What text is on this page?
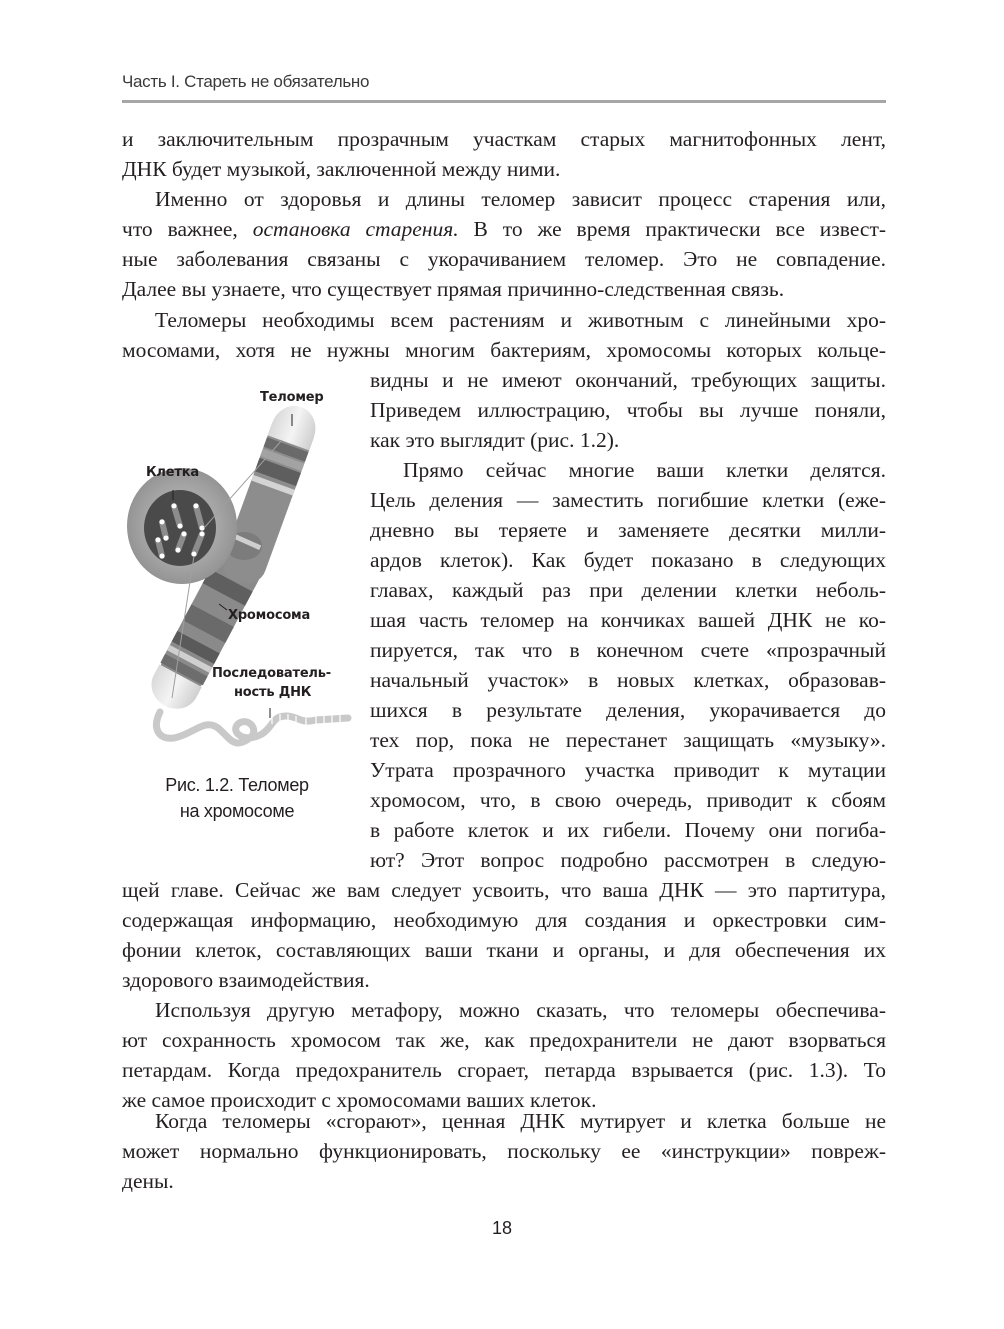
Часть I. Стареть не обязательно
и заключительным прозрачным участкам старых магнитофонных лент,
ДНК будет музыкой, заключенной между ними.
Именно от здоровья и длины теломер зависит процесс старения или,
что важнее, остановка старения. В то же время практически все извест-
ные заболевания связаны с укорачиванием теломер. Это не совпадение.
Далее вы узнаете, что существует прямая причинно-следственная связь.
Теломеры необходимы всем растениям и животным с линейными хро-
мосомами, хотя не нужны многим бактериям, хромосомы которых кольце-
видны и не имеют окончаний, требующих защиты.
Приведем иллюстрацию, чтобы вы лучше поняли,
как это выглядит (рис. 1.2).
Прямо сейчас многие ваши клетки делятся.
Цель деления — заместить погибшие клетки (еже-
дневно вы теряете и заменяете десятки милли-
ардов клеток). Как будет показано в следующих
главах, каждый раз при делении клетки неболь-
шая часть теломер на кончиках вашей ДНК не ко-
пируется, так что в конечном счете «прозрачный
начальный участок» в новых клетках, образовав-
шихся в результате деления, укорачивается до
тех пор, пока не перестанет защищать «музыку».
Утрата прозрачного участка приводит к мутации
хромосом, что, в свою очередь, приводит к сбоям
в работе клеток и их гибели. Почему они погиба-
ют? Этот вопрос подробно рассмотрен в следую-
щей главе. Сейчас же вам следует усвоить, что ваша ДНК — это партитура,
содержащая информацию, необходимую для создания и оркестровки сим-
фонии клеток, составляющих ваши ткани и органы, и для обеспечения их
здорового взаимодействия.
Используя другую метафору, можно сказать, что теломеры обеспечива-
ют сохранность хромосом так же, как предохранители не дают взорваться
петардам. Когда предохранитель сгорает, петарда взрывается (рис. 1.3). То
же самое происходит с хромосомами ваших клеток.
Когда теломеры «сгорают», ценная ДНК мутирует и клетка больше не
может нормально функционировать, поскольку ее «инструкции» повреж-
дены.
Теломер
Клетка
Хромосома
Последователь-
ность ДНК
Рис. 1.2. Теломер
на хромосоме
18
